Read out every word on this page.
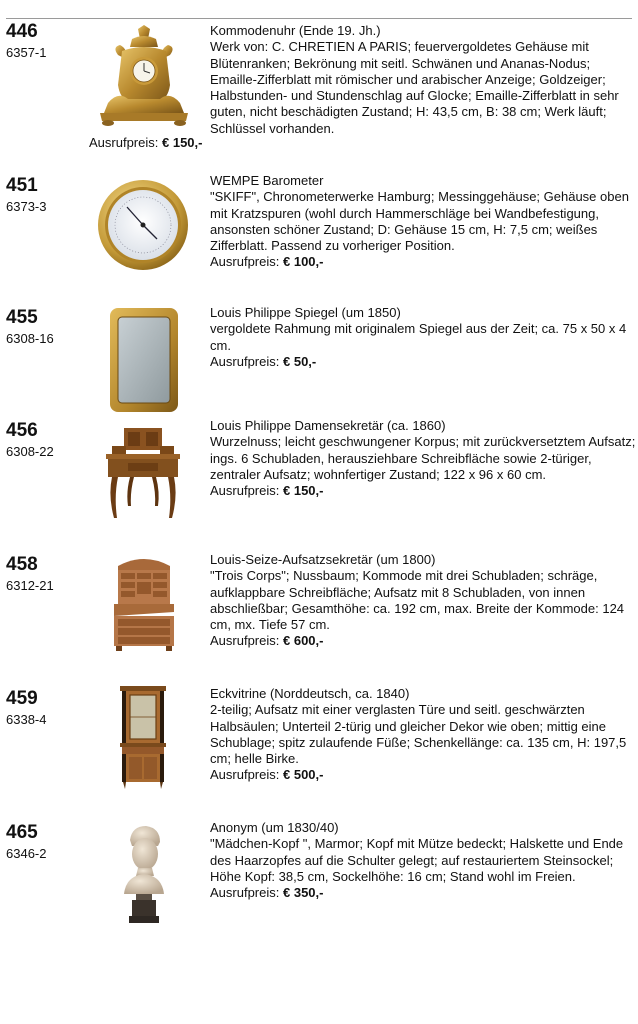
446
6357-1
Kommodenuhr (Ende 19. Jh.)
Werk von: C. CHRETIEN A PARIS; feuervergoldetes Gehäuse mit Blütenranken; Bekrönung mit seitl. Schwänen und Ananas-Nodus; Emaille-Zifferblatt mit römischer und arabischer Anzeige; Goldzeiger; Halbstunden- und Stundenschlag auf Glocke; Emaille-Zifferblatt in sehr guten, nicht beschädigten Zustand; H: 43,5 cm, B: 38 cm; Werk läuft; Schlüssel vorhanden.
Ausrufpreis: € 150,-
451
6373-3
WEMPE Barometer
"SKIFF", Chronometerwerke Hamburg; Messinggehäuse; Gehäuse oben mit Kratzspuren (wohl durch Hammerschläge bei Wandbefestigung, ansonsten schöner Zustand; D: Gehäuse 15 cm, H: 7,5 cm; weißes Zifferblatt. Passend zu vorheriger Position.
Ausrufpreis: € 100,-
455
6308-16
Louis Philippe Spiegel (um 1850)
vergoldete Rahmung mit originalem Spiegel aus der Zeit; ca. 75 x 50 x 4 cm.
Ausrufpreis: € 50,-
456
6308-22
Louis Philippe Damensekretär (ca. 1860)
Wurzelnuss; leicht geschwungener Korpus; mit zurückversetztem Aufsatz; ings. 6 Schubladen, herausziehbare Schreibfläche sowie 2-türiger, zentraler Aufsatz; wohnfertiger Zustand; 122 x 96 x 60 cm.
Ausrufpreis: € 150,-
458
6312-21
Louis-Seize-Aufsatzsekretär (um 1800)
"Trois Corps"; Nussbaum; Kommode mit drei Schubladen; schräge, aufklappbare Schreibfläche; Aufsatz mit 8 Schubladen, von innen abschließbar; Gesamthöhe: ca. 192 cm, max. Breite der Kommode: 124 cm, mx. Tiefe 57 cm.
Ausrufpreis: € 600,-
459
6338-4
Eckvitrine (Norddeutsch, ca. 1840)
2-teilig; Aufsatz mit einer verglasten Türe und seitl. geschwärzten Halbsäulen; Unterteil 2-türig und gleicher Dekor wie oben; mittig eine Schublage; spitz zulaufende Füße; Schenkellänge: ca. 135 cm, H: 197,5 cm; helle Birke.
Ausrufpreis: € 500,-
465
6346-2
Anonym (um 1830/40)
"Mädchen-Kopf ", Marmor; Kopf mit Mütze bedeckt; Halskette und Ende des Haarzopfes auf die Schulter gelegt; auf restauriertem Steinsockel; Höhe Kopf: 38,5 cm, Sockelhöhe: 16 cm; Stand wohl im Freien.
Ausrufpreis: € 350,-
